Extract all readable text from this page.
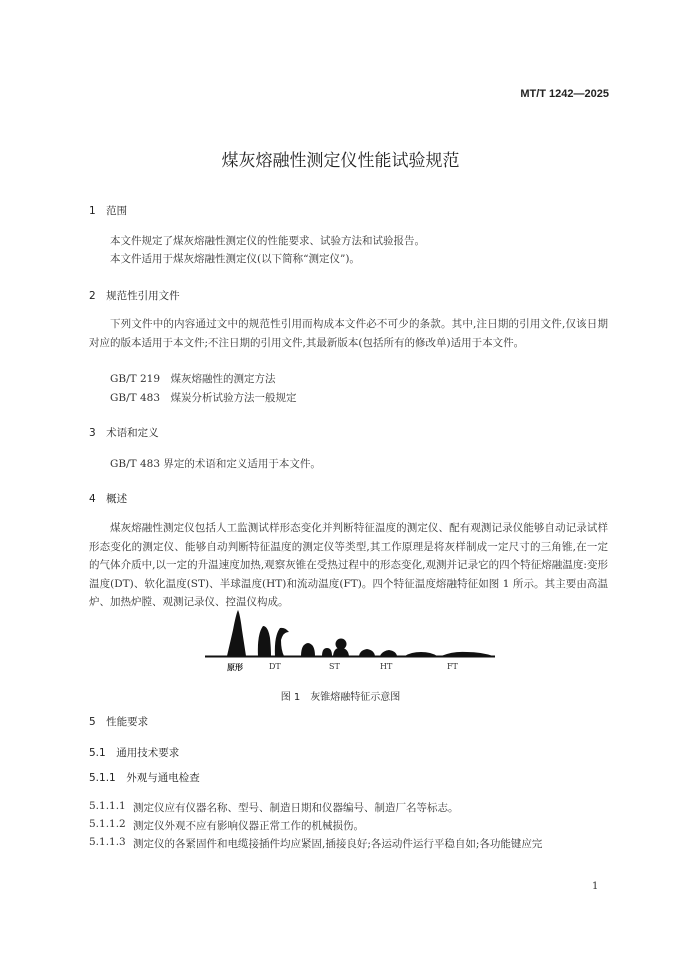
MT/T 1242—2025
煤灰熔融性测定仪性能试验规范
1　范围
本文件规定了煤灰熔融性测定仪的性能要求、试验方法和试验报告。
本文件适用于煤灰熔融性测定仪(以下简称“测定仪”)。
2　规范性引用文件
下列文件中的内容通过文中的规范性引用而构成本文件必不可少的条款。其中,注日期的引用文件,仅该日期对应的版本适用于本文件;不注日期的引用文件,其最新版本(包括所有的修改单)适用于本文件。
GB/T 219　煤灰熔融性的测定方法
GB/T 483　煤炭分析试验方法一般规定
3　术语和定义
GB/T 483 界定的术语和定义适用于本文件。
4　概述
煤灰熔融性测定仪包括人工监测试样形态变化并判断特征温度的测定仪、配有观测记录仪能够自动记录试样形态变化的测定仪、能够自动判断特征温度的测定仪等类型,其工作原理是将灰样制成一定尺寸的三角锥,在一定的气体介质中,以一定的升温速度加热,观察灰锥在受热过程中的形态变化,观测并记录它的四个特征熔融温度:变形温度(DT)、软化温度(ST)、半球温度(HT)和流动温度(FT)。四个特征温度熔融特征如图 1 所示。其主要由高温炉、加热炉膛、观测记录仪、控温仪构成。
原形	DT	ST	HT	FT
图 1　灰锥熔融特征示意图
5　性能要求
5.1　通用技术要求
5.1.1　外观与通电检查
5.1.1.1 测定仪应有仪器名称、型号、制造日期和仪器编号、制造厂名等标志。
5.1.1.2 测定仪外观不应有影响仪器正常工作的机械损伤。
5.1.1.3 测定仪的各紧固件和电缆接插件均应紧固,插接良好;各运动件运行平稳自如;各功能键应完
1
